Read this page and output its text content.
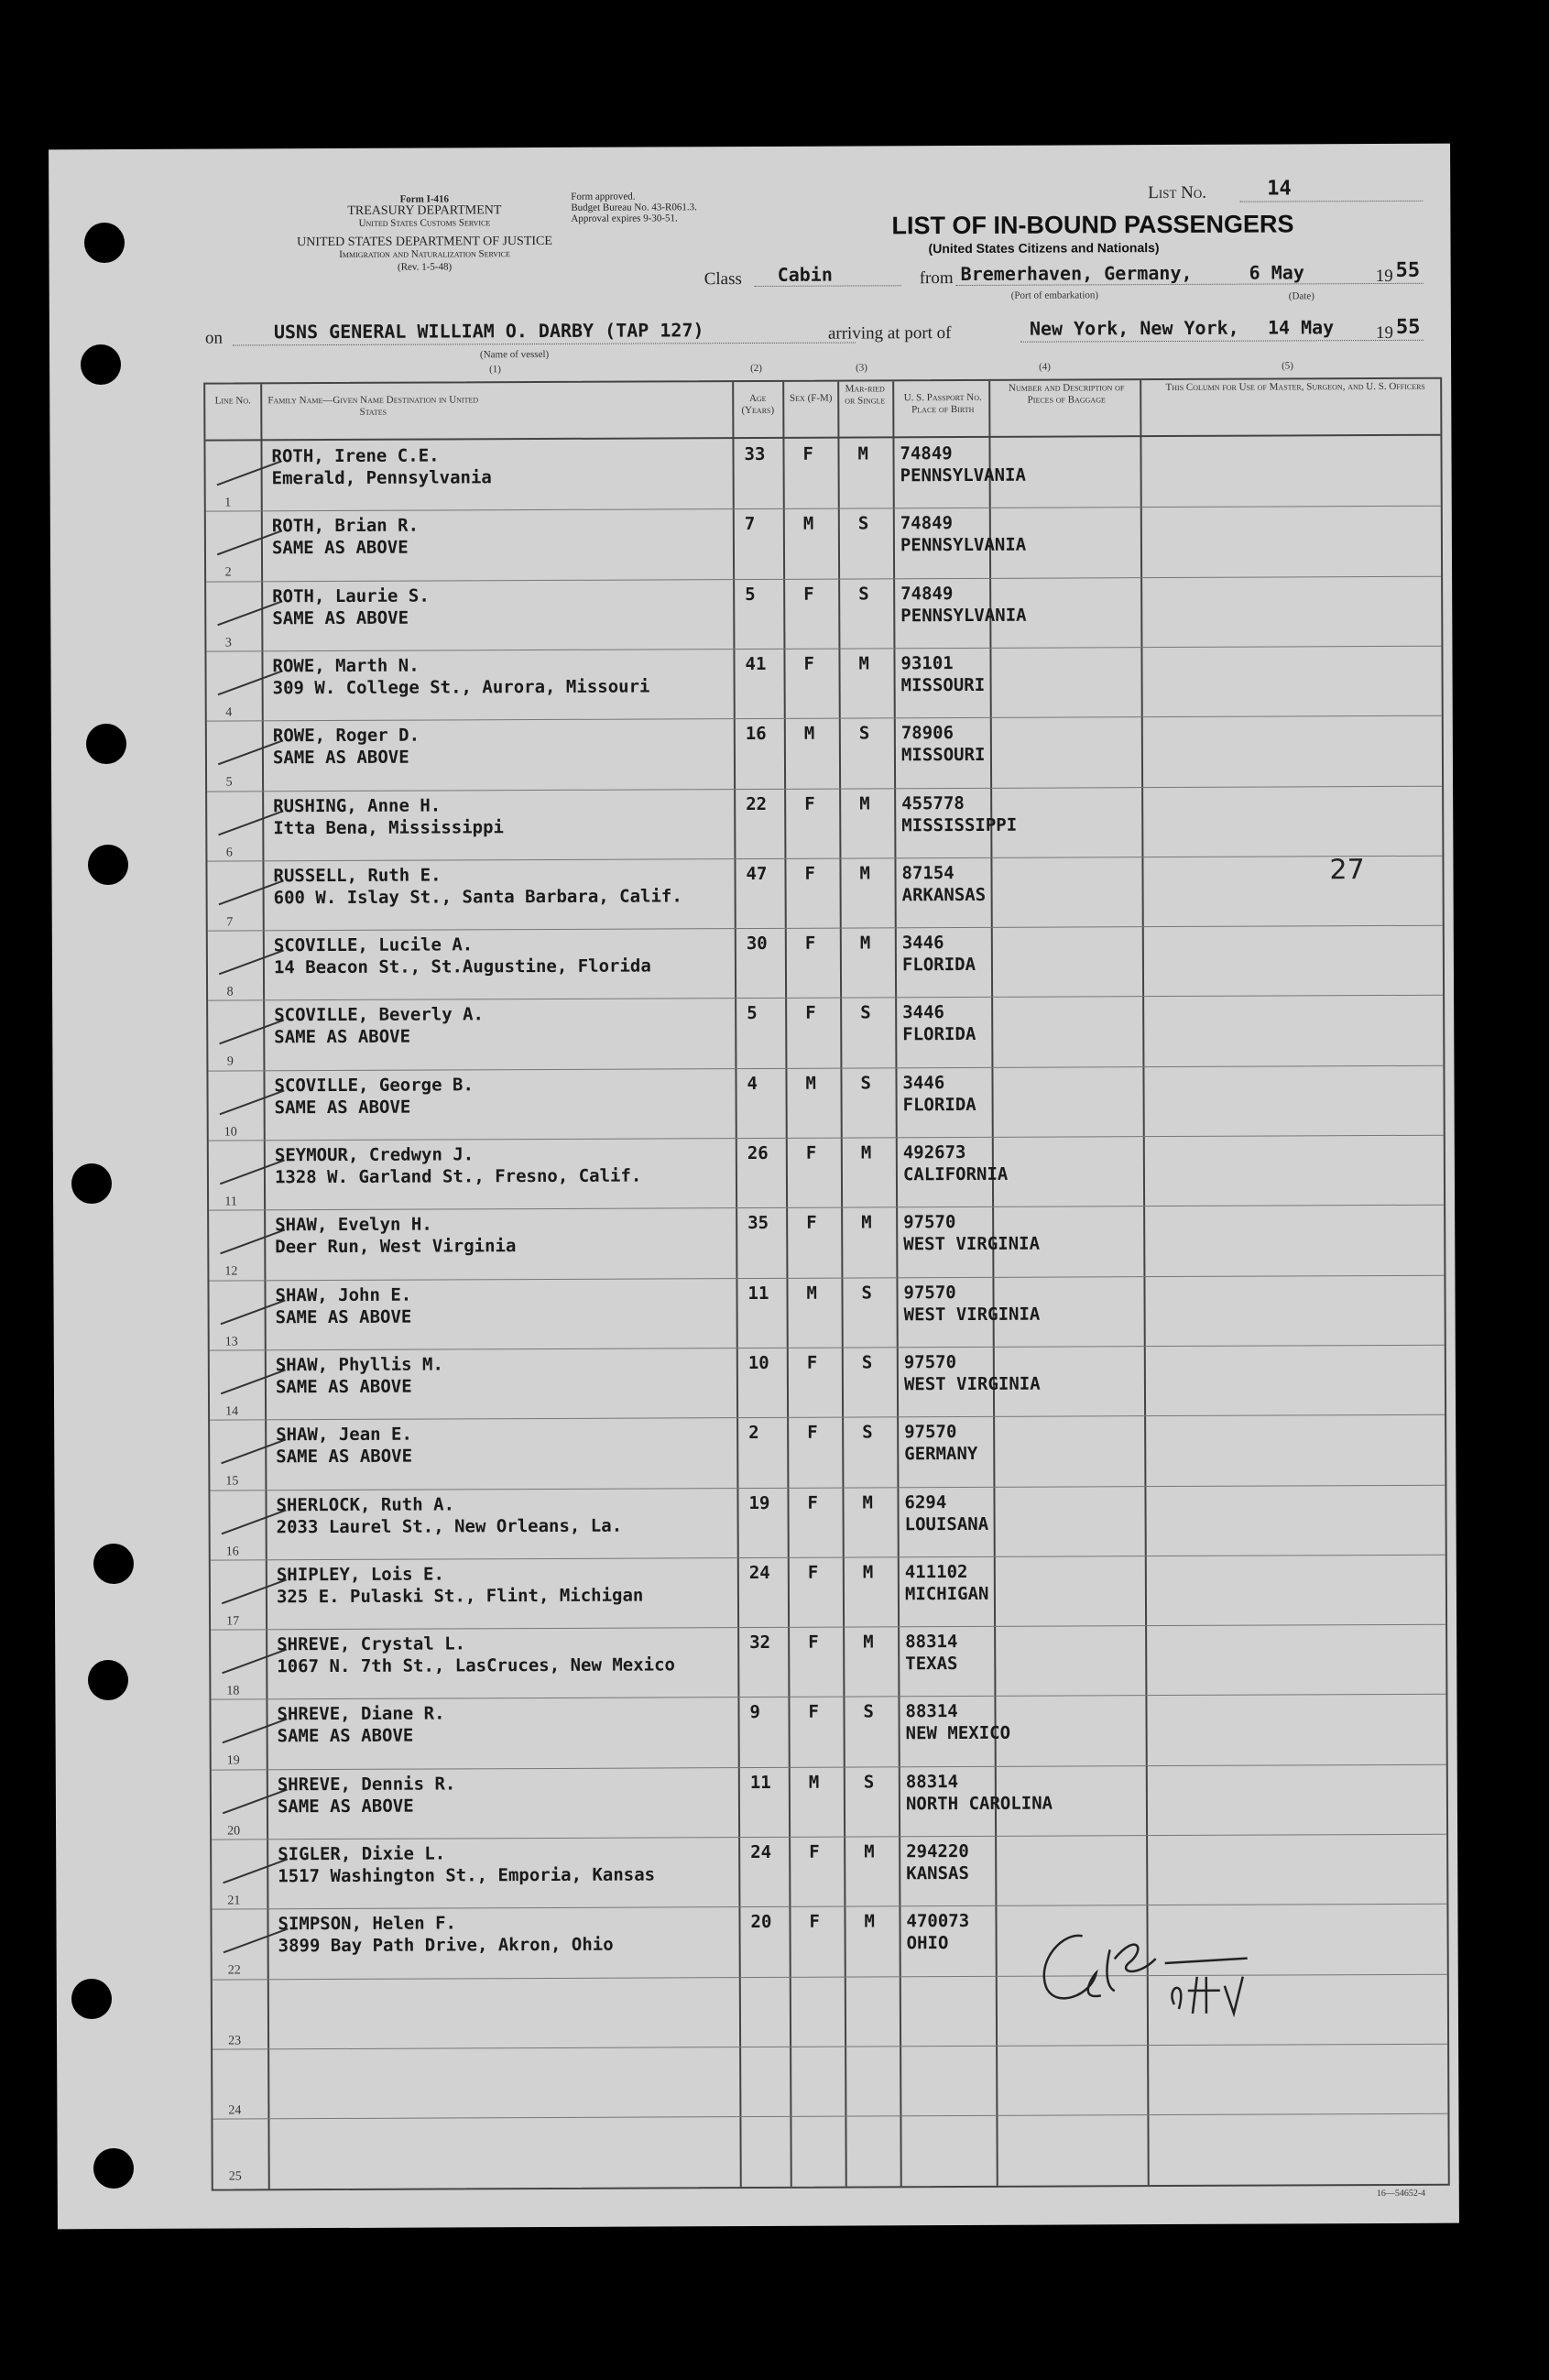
Form I-416
TREASURY DEPARTMENT
United States Customs Service
UNITED STATES DEPARTMENT OF JUSTICE
Immigration and Naturalization Service
(Rev. 1-5-48)
Form approved.
Budget Bureau No. 43-R061.3.
Approval expires 9-30-51.
List No.	14
LIST OF IN-BOUND PASSENGERS
(United States Citizens and Nationals)
Class Cabin	from Bremerhaven, Germany,	6 May	19 55
(Port of embarkation)	(Date)
on	USNS GENERAL WILLIAM O. DARBY (TAP 127)
(Name of vessel)
arriving at port of	New York, New York, 14 May 19 55
(1)	(2)	(3)	(4)	(5)
Line No.	Family Name—Given Name Destination in United States
Age (Years)
Sex (F-M)
Mar-ried or Single	U. S. Passport No. Place of Birth
Number and Description of Pieces of Baggage
This Column for Use of Master, Surgeon, and U. S. Officers
1
ROTH, Irene C.E.
Emerald, Pennsylvania
33 F	M 74849
PENNSYLVANIA
2
ROTH, Brian R.
SAME AS ABOVE
7	M	S 74849
PENNSYLVANIA
3
ROTH, Laurie S.
SAME AS ABOVE
5	F	S 74849
PENNSYLVANIA
4
ROWE, Marth N.
309 W. College St., Aurora, Missouri
41 F	M 93101
MISSOURI
5
ROWE, Roger D.
SAME AS ABOVE
16 M	S 78906
MISSOURI
6
RUSHING, Anne H.
Itta Bena, Mississippi
22 F	M 455778
MISSISSIPPI
7
RUSSELL, Ruth E.
600 W. Islay St., Santa Barbara, Calif.
47 F	M 87154
ARKANSAS
8
SCOVILLE, Lucile A.
14 Beacon St., St.Augustine, Florida
30 F	M 3446
FLORIDA
9
SCOVILLE, Beverly A.
SAME AS ABOVE
5	F	S 3446
FLORIDA
10
SCOVILLE, George B.
SAME AS ABOVE
4	M	S 3446
FLORIDA
11
SEYMOUR, Credwyn J.
1328 W. Garland St., Fresno, Calif.
26 F	M 492673
CALIFORNIA
12
SHAW, Evelyn H.
Deer Run, West Virginia
35 F	M 97570
WEST VIRGINIA
13
SHAW, John E.
SAME AS ABOVE
11 M	S 97570
WEST VIRGINIA
14
SHAW, Phyllis M.
SAME AS ABOVE
10 F	S 97570
WEST VIRGINIA
15
SHAW, Jean E.
SAME AS ABOVE
2	F	S 97570
GERMANY
16
SHERLOCK, Ruth A.
2033 Laurel St., New Orleans, La.
19 F	M 6294
LOUISANA
17
SHIPLEY, Lois E.
325 E. Pulaski St., Flint, Michigan
24 F	M 411102
MICHIGAN
18
SHREVE, Crystal L.
1067 N. 7th St., LasCruces, New Mexico
32 F	M 88314
TEXAS
19
SHREVE, Diane R.
SAME AS ABOVE
9	F	S 88314
NEW MEXICO
20
SHREVE, Dennis R.
SAME AS ABOVE
11 M	S 88314
NORTH CAROLINA
21
SIGLER, Dixie L.
1517 Washington St., Emporia, Kansas
24 F	M 294220
KANSAS
22
SIMPSON, Helen F.
3899 Bay Path Drive, Akron, Ohio
20 F	M 470073
OHIO
23
24
25
27
16—54652-4
